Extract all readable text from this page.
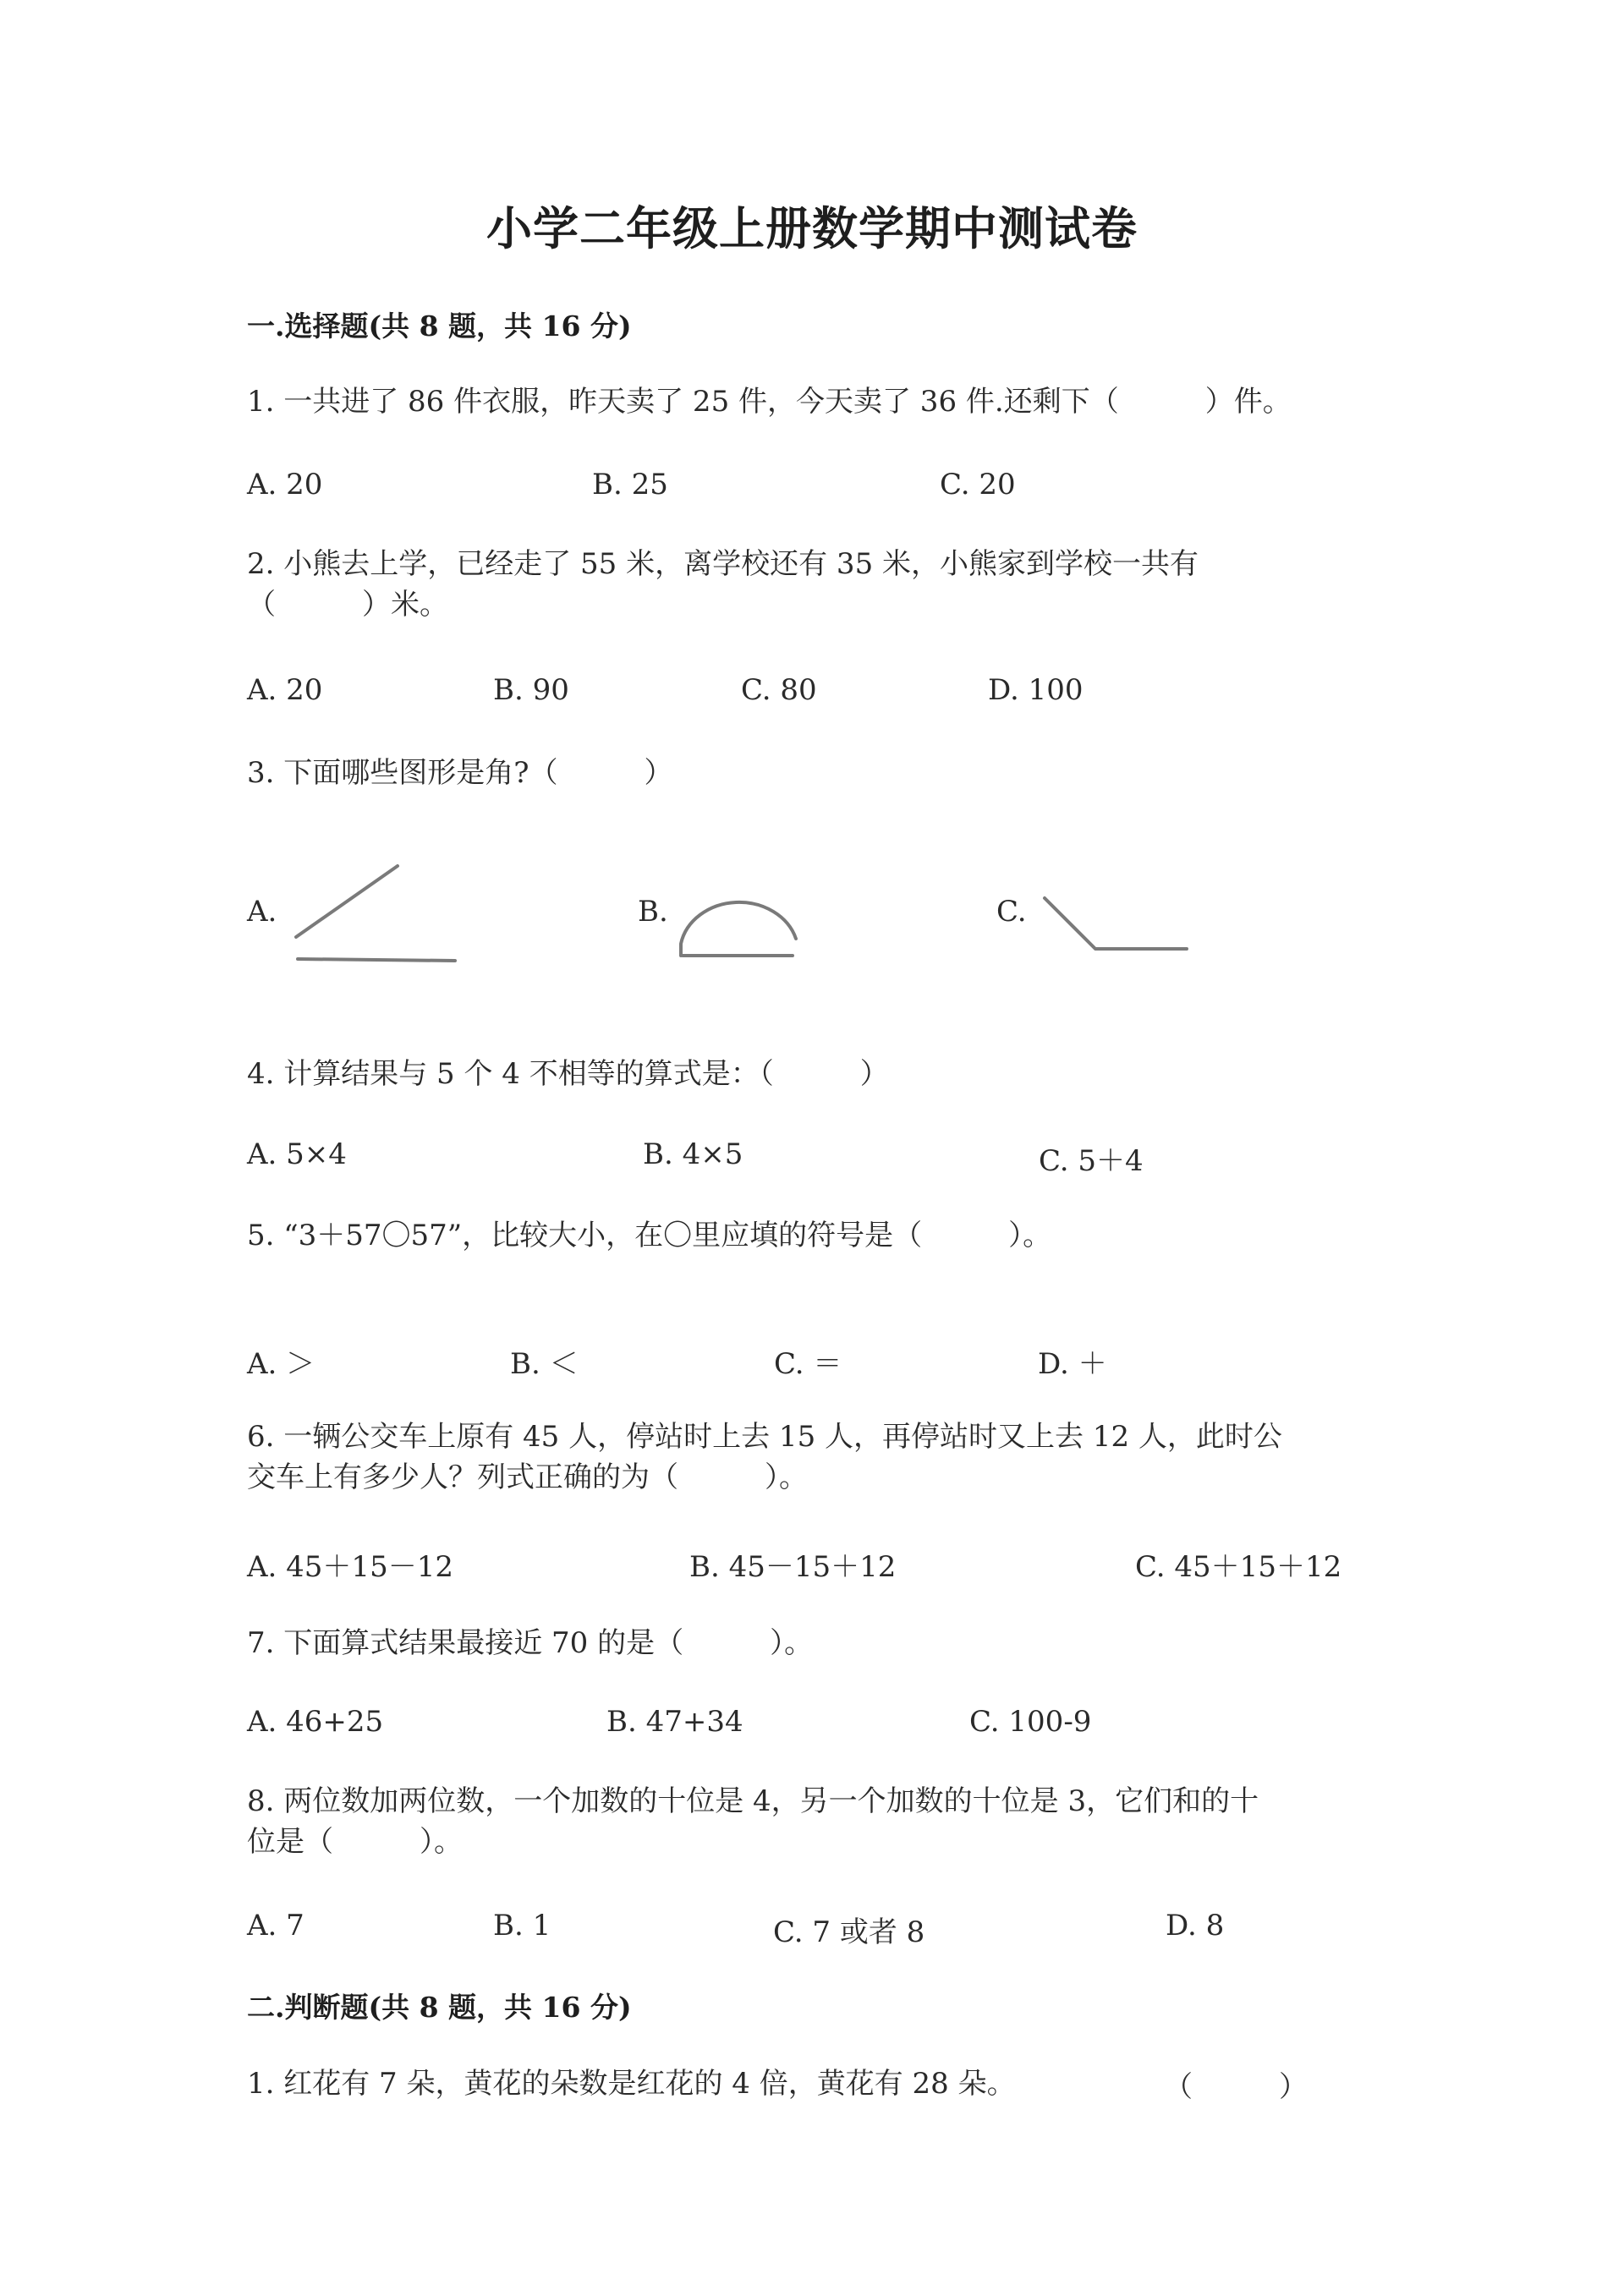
小学二年级上册数学期中测试卷
一.选择题(共 8 题，共 16 分)
1. 一共进了 86 件衣服，昨天卖了 25 件，今天卖了 36 件.还剩下（　　　）件。
A. 20	B. 25	C. 20
2. 小熊去上学，已经走了 55 米，离学校还有 35 米，小熊家到学校一共有
（　　　）米。
A. 20	B. 90	C. 80	D. 100
3. 下面哪些图形是角?（　　　）
A.	B.	C.
4. 计算结果与 5 个 4 不相等的算式是：（　　　）
A. 5×4	B. 4×5	C. 5＋4
5. “3＋57〇57”，比较大小，在〇里应填的符号是（　　　）。
A. ＞	B. ＜	C. ＝	D. ＋
6. 一辆公交车上原有 45 人，停站时上去 15 人，再停站时又上去 12 人，此时公
交车上有多少人？列式正确的为（　　　）。
A. 45＋15－12	B. 45－15＋12	C. 45＋15＋12
7. 下面算式结果最接近 70 的是（　　　）。
A. 46+25	B. 47+34	C. 100-9
8. 两位数加两位数，一个加数的十位是 4，另一个加数的十位是 3，它们和的十
位是（　　　）。
A. 7	B. 1	C. 7 或者 8	D. 8
二.判断题(共 8 题，共 16 分)
1. 红花有 7 朵，黄花的朵数是红花的 4 倍，黄花有 28 朵。	（　　　）
